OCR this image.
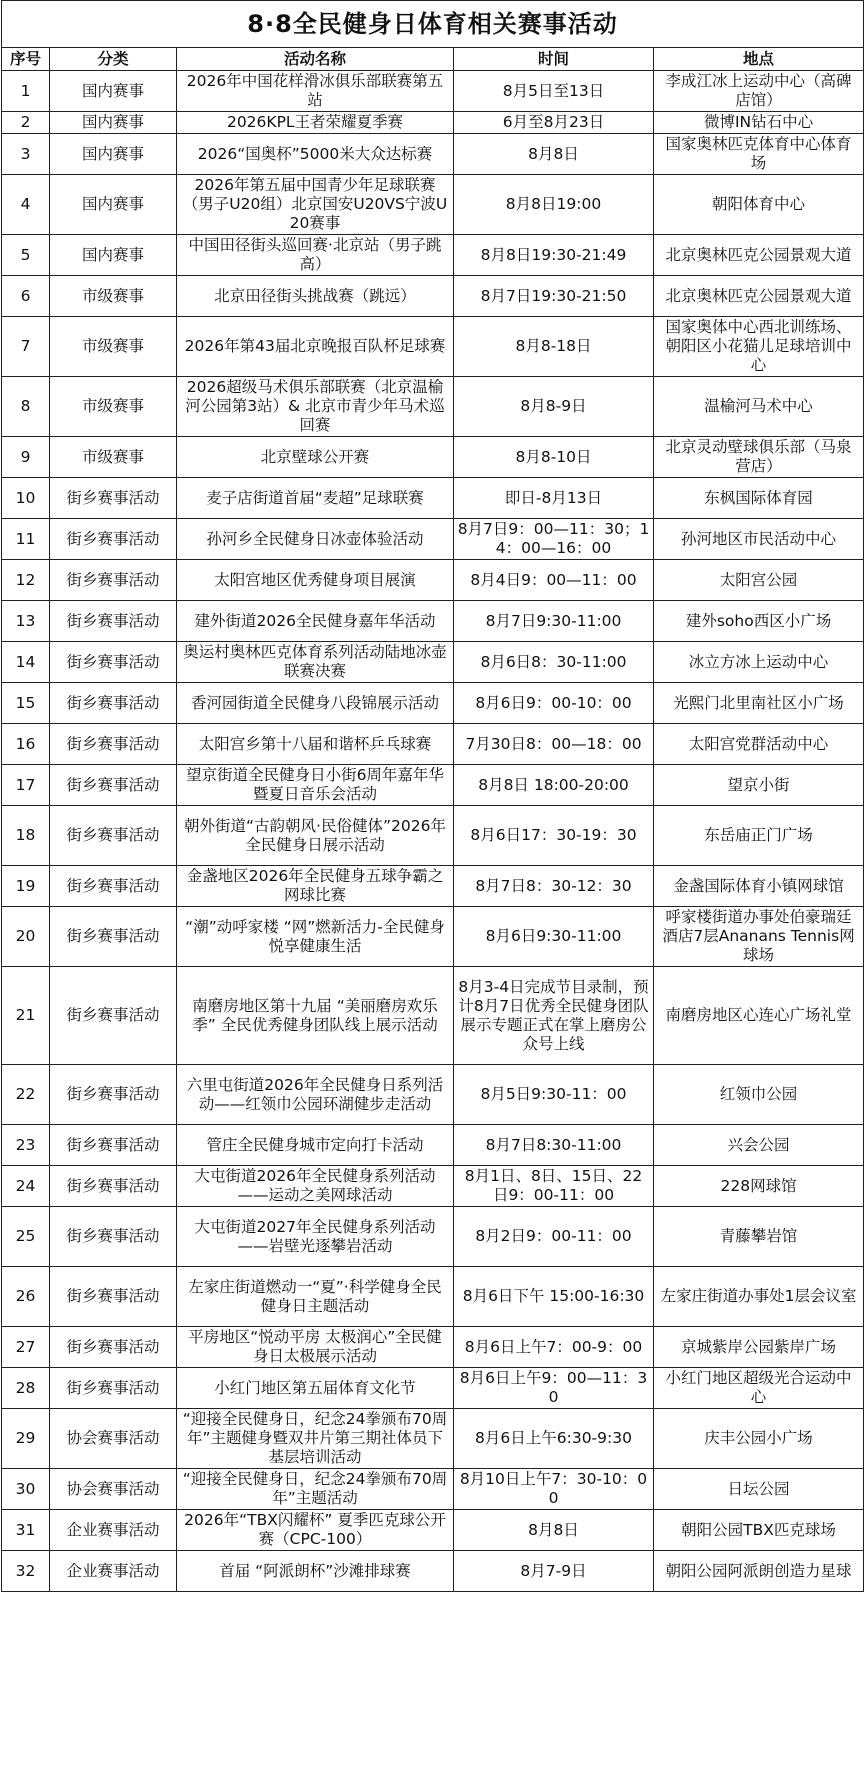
8·8全民健身日体育相关赛事活动				
序号	分类	活动名称	时间	地点
1	国内赛事	2026年中国花样滑冰俱乐部联赛第五站	8月5日至13日	李成江冰上运动中心（高碑店馆）
2	国内赛事	2026KPL王者荣耀夏季赛	6月至8月23日	微博IN钻石中心
3	国内赛事	2026“国奥杯”5000米大众达标赛	8月8日	国家奥林匹克体育中心体育场
4	国内赛事	2026年第五届中国青少年足球联赛（男子U20组）北京国安U20VS宁波U20赛事	8月8日19:00	朝阳体育中心
5	国内赛事	中国田径街头巡回赛·北京站（男子跳高）	8月8日19:30-21:49	北京奥林匹克公园景观大道
6	市级赛事	北京田径街头挑战赛（跳远）	8月7日19:30-21:50	北京奥林匹克公园景观大道
7	市级赛事	2026年第43届北京晚报百队杯足球赛	8月8-18日	国家奥体中心西北训练场、朝阳区小花猫儿足球培训中心
8	市级赛事	2026超级马术俱乐部联赛（北京温榆河公园第3站）& 北京市青少年马术巡回赛	8月8-9日	温榆河马术中心
9	市级赛事	北京壁球公开赛	8月8-10日	北京灵动壁球俱乐部（马泉营店）
10	街乡赛事活动	麦子店街道首届“麦超”足球联赛	即日-8月13日	东枫国际体育园
11	街乡赛事活动	孙河乡全民健身日冰壶体验活动	8月7日9：00—11：30；14：00—16：00	孙河地区市民活动中心
12	街乡赛事活动	太阳宫地区优秀健身项目展演	8月4日9：00—11：00	太阳宫公园
13	街乡赛事活动	建外街道2026全民健身嘉年华活动	8月7日9:30-11:00	建外soho西区小广场
14	街乡赛事活动	奥运村奥林匹克体育系列活动陆地冰壶联赛决赛	8月6日8：30-11:00	冰立方冰上运动中心
15	街乡赛事活动	香河园街道全民健身八段锦展示活动	8月6日9：00-10：00	光熙门北里南社区小广场
16	街乡赛事活动	太阳宫乡第十八届和谐杯乒乓球赛	7月30日8：00—18：00	太阳宫党群活动中心
17	街乡赛事活动	望京街道全民健身日小街6周年嘉年华暨夏日音乐会活动	8月8日 18:00-20:00	望京小街
18	街乡赛事活动	朝外街道“古韵朝风·民俗健体”2026年全民健身日展示活动	8月6日17：30-19：30	东岳庙正门广场
19	街乡赛事活动	金盏地区2026年全民健身五球争霸之网球比赛	8月7日8：30-12：30	金盏国际体育小镇网球馆
20	街乡赛事活动	“潮”动呼家楼 “网”燃新活力-全民健身悦享健康生活	8月6日9:30-11:00	呼家楼街道办事处伯豪瑞廷酒店7层Ananans Tennis网球场
21	街乡赛事活动	南磨房地区第十九届 “美丽磨房欢乐季” 全民优秀健身团队线上展示活动	8月3-4日完成节目录制，预计8月7日优秀全民健身团队展示专题正式在掌上磨房公众号上线	南磨房地区心连心广场礼堂
22	街乡赛事活动	六里屯街道2026年全民健身日系列活动——红领巾公园环湖健步走活动	8月5日9:30-11：00	红领巾公园
23	街乡赛事活动	管庄全民健身城市定向打卡活动	8月7日8:30-11:00	兴会公园
24	街乡赛事活动	大屯街道2026年全民健身系列活动——运动之美网球活动	8月1日、8日、15日、22日9：00-11：00	228网球馆
25	街乡赛事活动	大屯街道2027年全民健身系列活动——岩壁光逐攀岩活动	8月2日9：00-11：00	青藤攀岩馆
26	街乡赛事活动	左家庄街道燃动一“夏”·科学健身全民健身日主题活动	8月6日下午 15:00-16:30	左家庄街道办事处1层会议室
27	街乡赛事活动	平房地区“悦动平房 太极润心”全民健身日太极展示活动	8月6日上午7：00-9：00	京城紫岸公园紫岸广场
28	街乡赛事活动	小红门地区第五届体育文化节	8月6日上午9：00—11：30	小红门地区超级光合运动中心
29	协会赛事活动	“迎接全民健身日，纪念24拳颁布70周年”主题健身暨双井片第三期社体员下基层培训活动	8月6日上午6:30-9:30	庆丰公园小广场
30	协会赛事活动	“迎接全民健身日，纪念24拳颁布70周年”主题活动	8月10日上午7：30-10：00	日坛公园
31	企业赛事活动	2026年“TBX闪耀杯” 夏季匹克球公开赛（CPC-100）	8月8日	朝阳公园TBX匹克球场
32	企业赛事活动	首届 “阿派朗杯”沙滩排球赛	8月7-9日	朝阳公园阿派朗创造力星球
